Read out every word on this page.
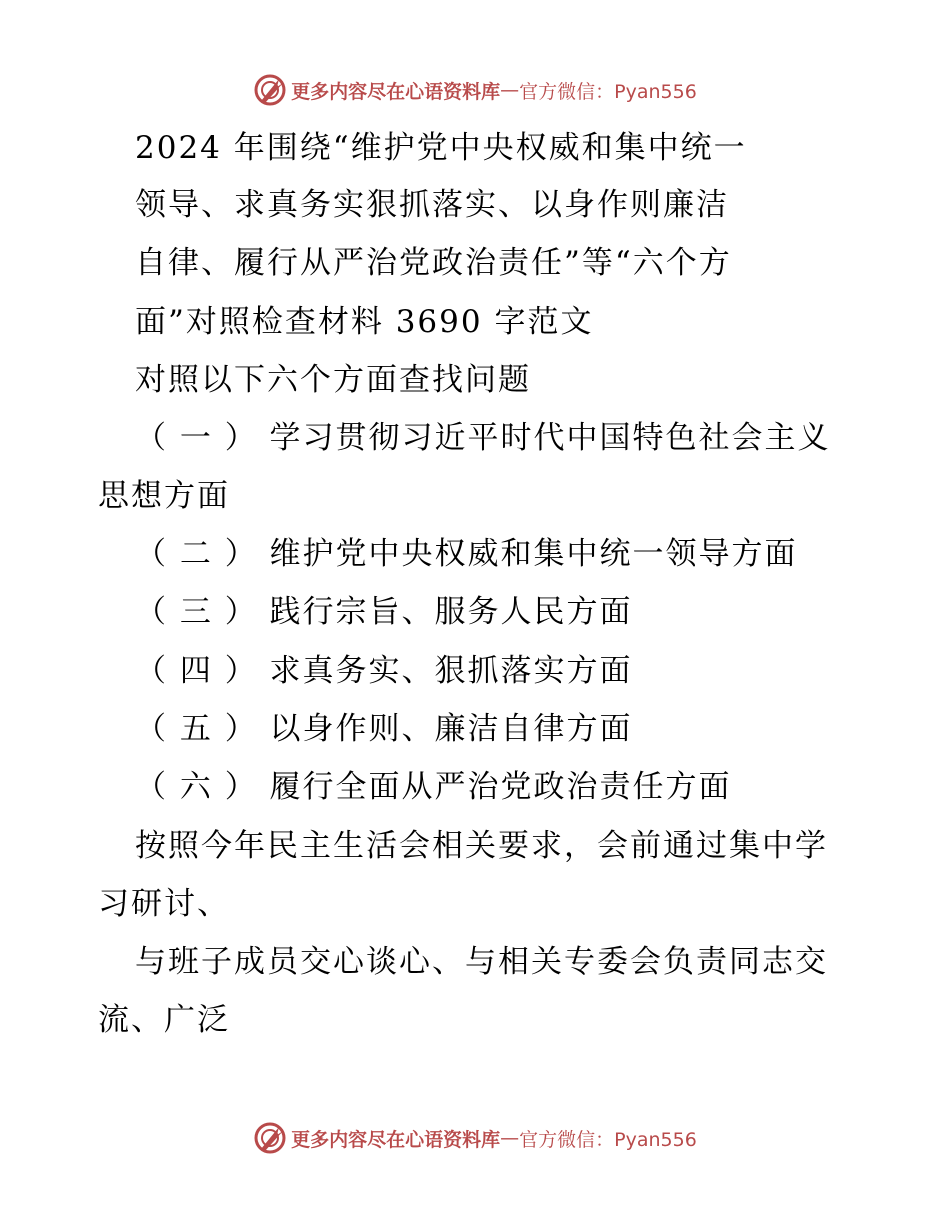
更多内容尽在心语资料库 — 官方微信：Pyan556
2024 年围绕“维护党中央权威和集中统一
领导、求真务实狠抓落实、以身作则廉洁
自律、履行从严治党政治责任”等“六个方
面”对照检查材料 3690 字范文
对照以下六个方面查找问题
（ 一 ） 学习贯彻习近平时代中国特色社会主义
思想方面
（ 二 ） 维护党中央权威和集中统一领导方面
（ 三 ） 践行宗旨、服务人民方面
（ 四 ） 求真务实、狠抓落实方面
（ 五 ） 以身作则、廉洁自律方面
（ 六 ） 履行全面从严治党政治责任方面
按照今年民主生活会相关要求，会前通过集中学
习研讨、
与班子成员交心谈心、与相关专委会负责同志交
流、广泛
更多内容尽在心语资料库 — 官方微信：Pyan556
